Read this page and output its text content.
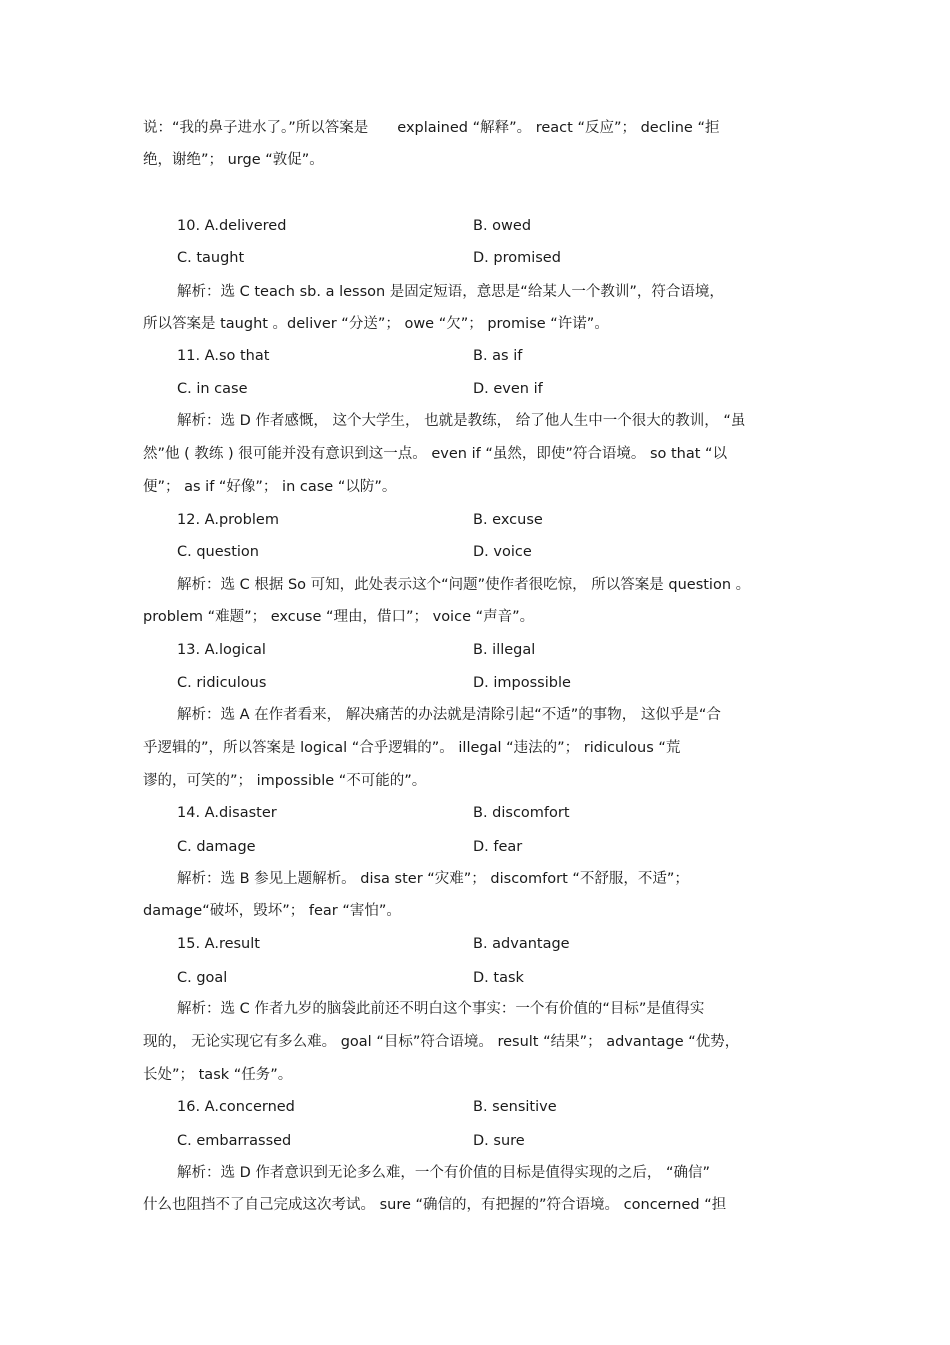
说：“我的鼻子进水了。”所以答案是　　explained “解释”。 react “反应”； decline “拒
绝，谢绝”； urge “敦促”。
10. A.delivered	B. owed
C. taught	D. promised
解析：选 C teach sb. a lesson 是固定短语，意思是“给某人一个教训”，符合语境，
所以答案是 taught 。deliver “分送”； owe “欠”； promise “许诺”。
11. A.so that	B. as if
C. in case	D. even if
解析：选 D 作者感慨， 这个大学生， 也就是教练， 给了他人生中一个很大的教训， “虽
然”他 ( 教练 ) 很可能并没有意识到这一点。 even if “虽然，即使”符合语境。 so that “以
便”； as if “好像”； in case “以防”。
12. A.problem	B. excuse
C. question	D. voice
解析：选 C 根据 So 可知，此处表示这个“问题”使作者很吃惊， 所以答案是 question 。
problem “难题”； excuse “理由，借口”； voice “声音”。
13. A.logical	B. illegal
C. ridiculous	D. impossible
解析：选 A 在作者看来， 解决痛苦的办法就是清除引起“不适”的事物， 这似乎是“合
乎逻辑的”，所以答案是 logical “合乎逻辑的”。 illegal “违法的”； ridiculous “荒
谬的，可笑的”； impossible “不可能的”。
14. A.disaster	B. discomfort
C. damage	D. fear
解析：选 B 参见上题解析。 disa ster “灾难”； discomfort “不舒服，不适”；
damage“破坏，毁坏”； fear “害怕”。
15. A.result	B. advantage
C. goal	D. task
解析：选 C 作者九岁的脑袋此前还不明白这个事实：一个有价值的“目标”是值得实
现的， 无论实现它有多么难。 goal “目标”符合语境。 result “结果”； advantage “优势，
长处”； task “任务”。
16. A.concerned	B. sensitive
C. embarrassed	D. sure
解析：选 D 作者意识到无论多么难，一个有价值的目标是值得实现的之后， “确信”
什么也阻挡不了自己完成这次考试。 sure “确信的，有把握的”符合语境。 concerned “担
